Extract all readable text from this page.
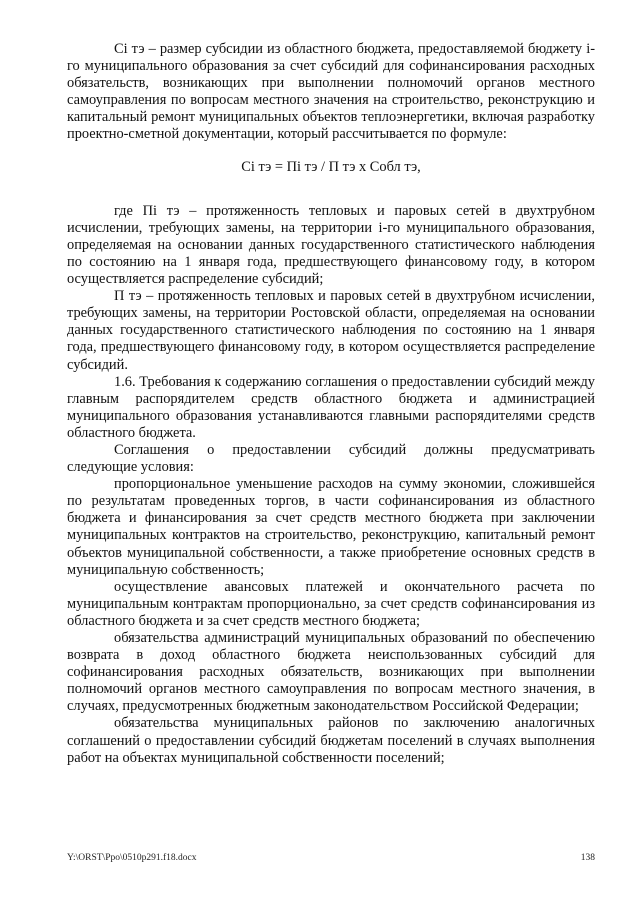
Ci тэ – размер субсидии из областного бюджета, предоставляемой бюджету i-го муниципального образования за счет субсидий для софинансирования расходных обязательств, возникающих при выполнении полномочий органов местного самоуправления по вопросам местного значения на строительство, реконструкцию и капитальный ремонт муниципальных объектов теплоэнергетики, включая разработку проектно-сметной документации, который рассчитывается по формуле:

Ci тэ = Пi тэ / П тэ х Собл тэ,

где Пi тэ – протяженность тепловых и паровых сетей в двухтрубном исчислении, требующих замены, на территории i-го муниципального образования, определяемая на основании данных государственного статистического наблюдения по состоянию на 1 января года, предшествующего финансовому году, в котором осуществляется распределение субсидий;

П тэ – протяженность тепловых и паровых сетей в двухтрубном исчислении, требующих замены, на территории Ростовской области, определяемая на основании данных государственного статистического наблюдения по состоянию на 1 января года, предшествующего финансовому году, в котором осуществляется распределение субсидий.

1.6. Требования к содержанию соглашения о предоставлении субсидий между главным распорядителем средств областного бюджета и администрацией муниципального образования устанавливаются главными распорядителями средств областного бюджета.

Соглашения о предоставлении субсидий должны предусматривать следующие условия:

пропорциональное уменьшение расходов на сумму экономии, сложившейся по результатам проведенных торгов, в части софинансирования из областного бюджета и финансирования за счет средств местного бюджета при заключении муниципальных контрактов на строительство, реконструкцию, капитальный ремонт объектов муниципальной собственности, а также приобретение основных средств в муниципальную собственность;

осуществление авансовых платежей и окончательного расчета по муниципальным контрактам пропорционально, за счет средств софинансирования из областного бюджета и за счет средств местного бюджета;

обязательства администраций муниципальных образований по обеспечению возврата в доход областного бюджета неиспользованных субсидий для софинансирования расходных обязательств, возникающих при выполнении полномочий органов местного самоуправления по вопросам местного значения, в случаях, предусмотренных бюджетным законодательством Российской Федерации;

обязательства муниципальных районов по заключению аналогичных соглашений о предоставлении субсидий бюджетам поселений в случаях выполнения работ на объектах муниципальной собственности поселений;

Y:\ORST\Ppo\0510p291.f18.docx	138
